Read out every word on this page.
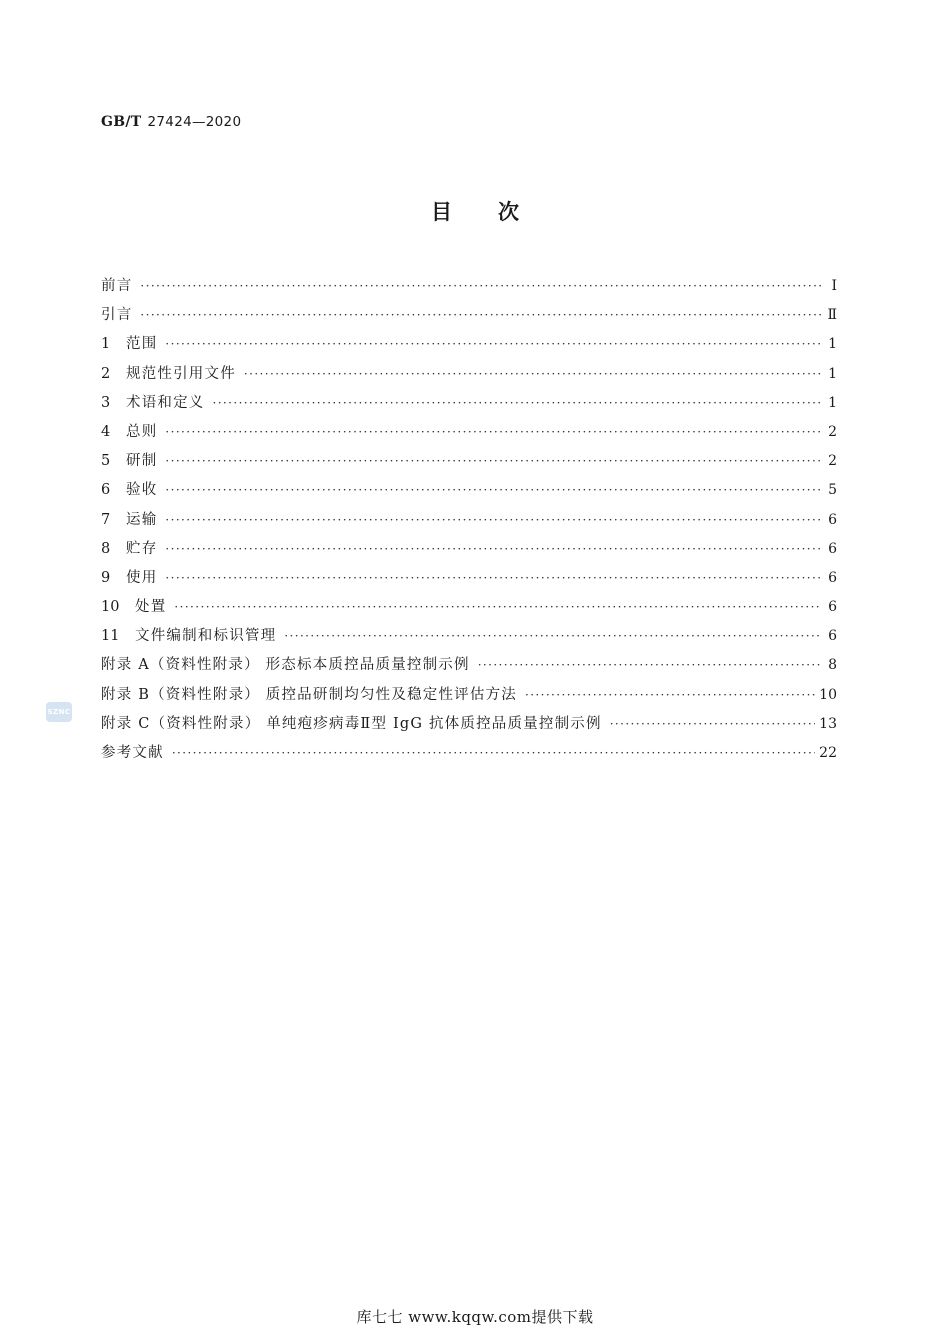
GB/T 27424—2020
目次
前言 ·····	Ⅰ
引言 ·····	Ⅱ
1	范围 ·····	1
2	规范性引用文件 ·····	1
3	术语和定义 ·····	1
4	总则 ·····	2
5	研制 ·····	2
6	验收 ·····	5
7	运输 ·····	6
8	贮存 ·····	6
9	使用 ·····	6
10	处置 ·····	6
11	文件编制和标识管理 ·····	6
附录 A（资料性附录） 形态标本质控品质量控制示例 ·····	8
附录 B（资料性附录） 质控品研制均匀性及稳定性评估方法 ·····	10
附录 C（资料性附录） 单纯疱疹病毒Ⅱ型 IgG 抗体质控品质量控制示例 ·····	13
参考文献 ·····	22
SZNC
库七七 www.kqqw.com提供下载
